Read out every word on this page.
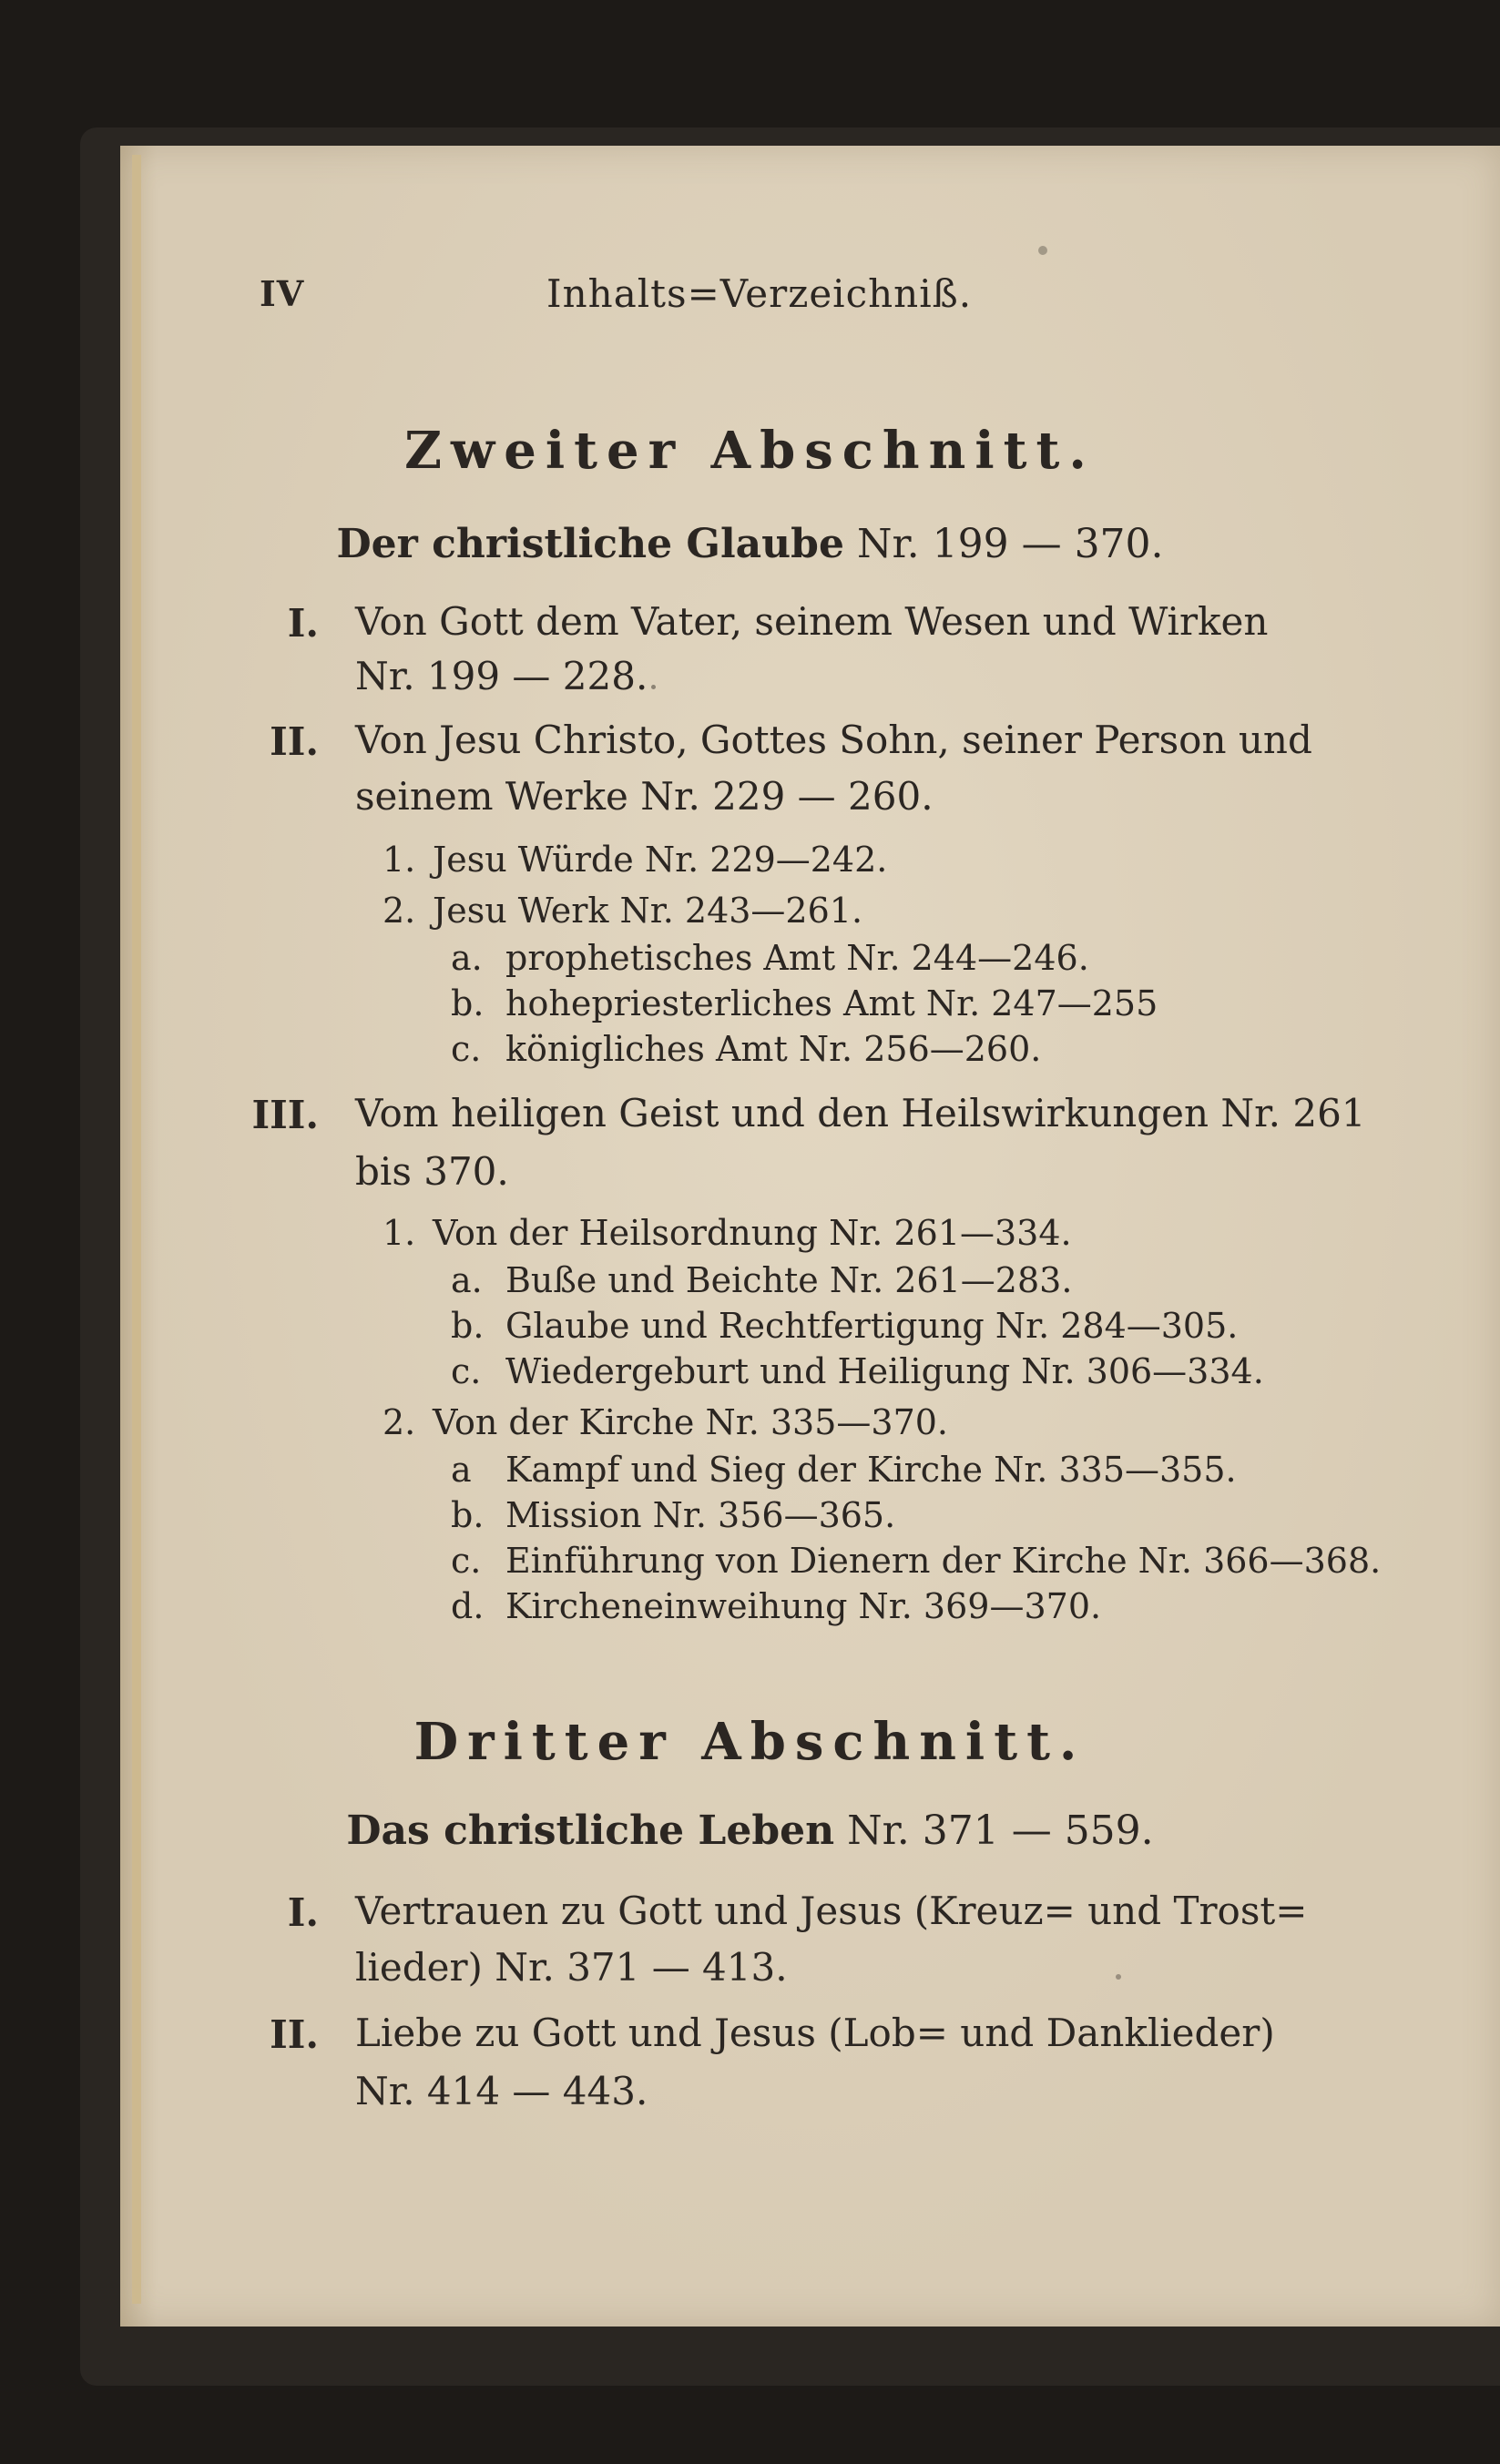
IV	Inhalts=Verzeichniß.
Zweiter Abschnitt.
Der christliche Glaube Nr. 199 — 370.
I. Von Gott dem Vater, seinem Wesen und Wirken
Nr. 199 — 228.
II. Von Jesu Christo, Gottes Sohn, seiner Person und
seinem Werke Nr. 229 — 260.
1. Jesu Würde Nr. 229—242.
2. Jesu Werk Nr. 243—261.
a. prophetisches Amt Nr. 244—246.
b. hohepriesterliches Amt Nr. 247—255
c. königliches Amt Nr. 256—260.
III. Vom heiligen Geist und den Heilswirkungen Nr. 261
bis 370.
1. Von der Heilsordnung Nr. 261—334.
a. Buße und Beichte Nr. 261—283.
b. Glaube und Rechtfertigung Nr. 284—305.
c. Wiedergeburt und Heiligung Nr. 306—334.
2. Von der Kirche Nr. 335—370.
a Kampf und Sieg der Kirche Nr. 335—355.
b. Mission Nr. 356—365.
c. Einführung von Dienern der Kirche Nr. 366—368.
d. Kircheneinweihung Nr. 369—370.
Dritter Abschnitt.
Das christliche Leben Nr. 371 — 559.
I. Vertrauen zu Gott und Jesus (Kreuz= und Trost=
lieder) Nr. 371 — 413.
II. Liebe zu Gott und Jesus (Lob= und Danklieder)
Nr. 414 — 443.
